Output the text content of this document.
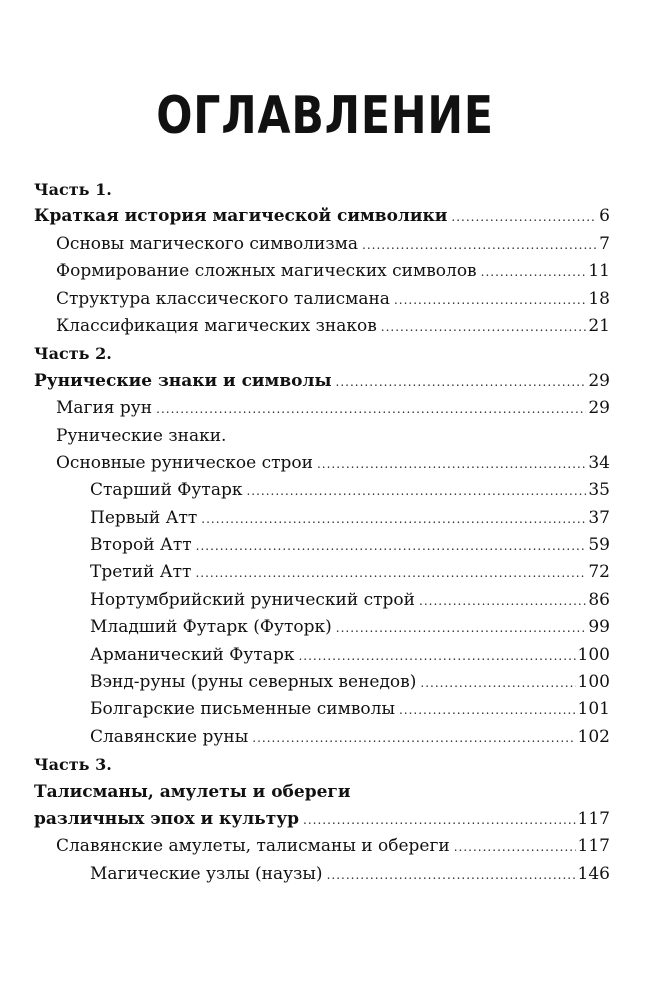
ОГЛАВЛЕНИЕ
Часть 1.
Краткая история магической символики .....	6
Основы магического символизма .....	7
Формирование сложных магических символов .....	11
Структура классического талисмана .....	18
Классификация магических знаков .....	21
Часть 2.
Рунические знаки и символы .....	29
Магия рун .....	29
Рунические знаки.
Основные руническое строи .....	34
Старший Футарк .....	35
Первый Атт .....	37
Второй Атт .....	59
Третий Атт .....	72
Нортумбрийский рунический строй .....	86
Младший Футарк (Футорк) .....	99
Арманический Футарк .....	100
Вэнд-руны (руны северных венедов) .....	100
Болгарские письменные символы .....	101
Славянские руны .....	102
Часть 3.
Талисманы, амулеты и обереги
различных эпох и культур .....	117
Славянские амулеты, талисманы и обереги .....	117
Магические узлы (наузы) .....	146
